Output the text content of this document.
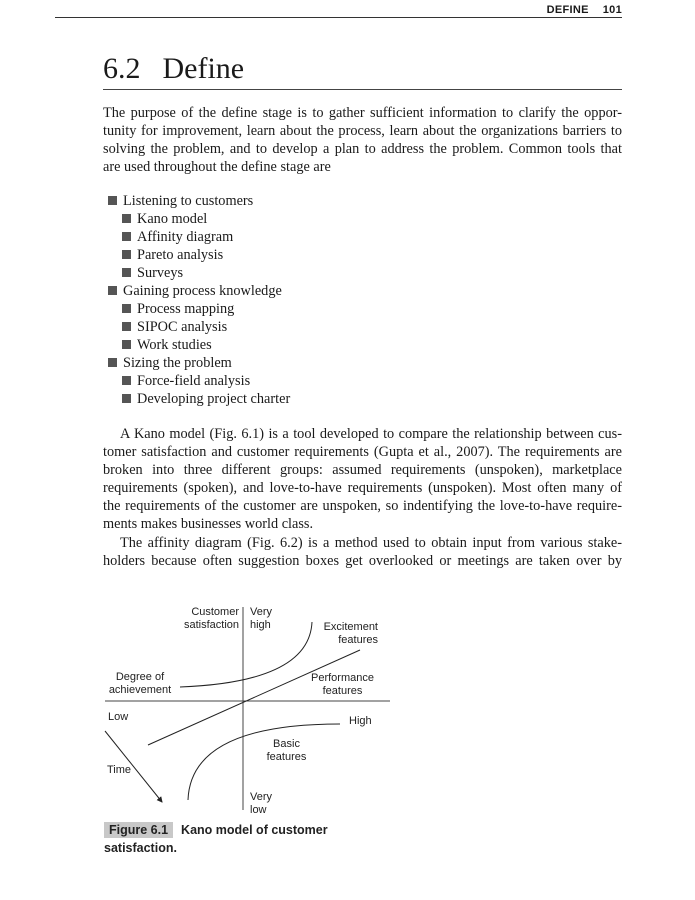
DEFINE 101
6.2 Define
The purpose of the define stage is to gather sufficient information to clarify the oppor-
tunity for improvement, learn about the process, learn about the organizations barriers to
solving the problem, and to develop a plan to address the problem. Common tools that
are used throughout the define stage are
Listening to customers
Kano model
Affinity diagram
Pareto analysis
Surveys
Gaining process knowledge
Process mapping
SIPOC analysis
Work studies
Sizing the problem
Force-field analysis
Developing project charter
A Kano model (Fig. 6.1) is a tool developed to compare the relationship between cus-
tomer satisfaction and customer requirements (Gupta et al., 2007). The requirements are
broken into three different groups: assumed requirements (unspoken), marketplace
requirements (spoken), and love-to-have requirements (unspoken). Most often many of
the requirements of the customer are unspoken, so indentifying the love-to-have require-
ments makes businesses world class.
The affinity diagram (Fig. 6.2) is a method used to obtain input from various stake-
holders because often suggestion boxes get overlooked or meetings are taken over by
Customer
satisfaction
Very
high	Excitement
features
Degree of
achievement
Performance
features
Low	High
Basic
features
Time
Very
low
Figure 6.1 Kano model of customer
satisfaction.
